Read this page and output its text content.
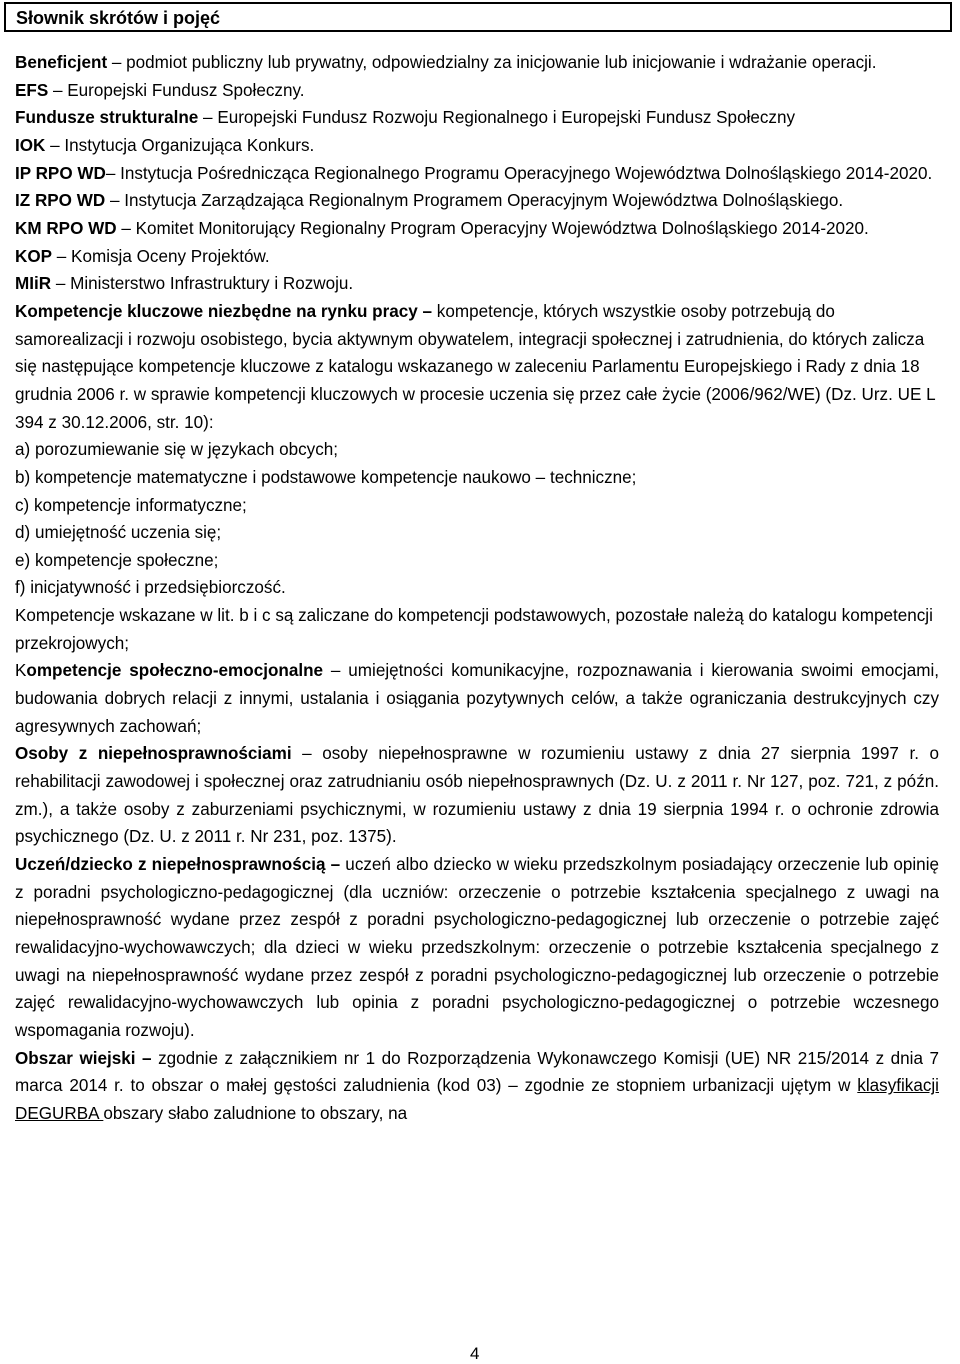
Słownik skrótów i pojęć

Beneficjent – podmiot publiczny lub prywatny, odpowiedzialny za inicjowanie lub inicjowanie i wdrażanie operacji.

EFS – Europejski Fundusz Społeczny.

Fundusze strukturalne – Europejski Fundusz Rozwoju Regionalnego i Europejski Fundusz Społeczny

IOK – Instytucja Organizująca Konkurs.

IP RPO WD– Instytucja Pośrednicząca Regionalnego Programu Operacyjnego Województwa Dolnośląskiego 2014-2020.

IZ RPO WD – Instytucja Zarządzająca Regionalnym Programem Operacyjnym Województwa Dolnośląskiego.

KM RPO WD – Komitet Monitorujący Regionalny Program Operacyjny Województwa Dolnośląskiego 2014-2020.

KOP – Komisja Oceny Projektów.

MIiR – Ministerstwo Infrastruktury i Rozwoju.

Kompetencje kluczowe niezbędne na rynku pracy – kompetencje, których wszystkie osoby potrzebują do samorealizacji i rozwoju osobistego, bycia aktywnym obywatelem, integracji społecznej i zatrudnienia, do których zalicza się następujące kompetencje kluczowe z katalogu wskazanego w zaleceniu Parlamentu Europejskiego i Rady z dnia 18 grudnia 2006 r. w sprawie kompetencji kluczowych w procesie uczenia się przez całe życie (2006/962/WE) (Dz. Urz. UE L 394 z 30.12.2006, str. 10):

a) porozumiewanie się w językach obcych;

b) kompetencje matematyczne i podstawowe kompetencje naukowo – techniczne;

c) kompetencje informatyczne;

d) umiejętność uczenia się;

e) kompetencje społeczne;

f) inicjatywność i przedsiębiorczość.

Kompetencje wskazane w lit. b i c są zaliczane do kompetencji podstawowych, pozostałe należą do katalogu kompetencji przekrojowych;

Kompetencje społeczno-emocjonalne – umiejętności komunikacyjne, rozpoznawania i kierowania swoimi emocjami, budowania dobrych relacji z innymi, ustalania i osiągania pozytywnych celów, a także ograniczania destrukcyjnych czy agresywnych zachowań;

Osoby z niepełnosprawnościami – osoby niepełnosprawne w rozumieniu ustawy z dnia 27 sierpnia 1997 r. o rehabilitacji zawodowej i społecznej oraz zatrudnianiu osób niepełnosprawnych (Dz. U. z 2011 r. Nr 127, poz. 721, z późn. zm.), a także osoby z zaburzeniami psychicznymi, w rozumieniu ustawy z dnia 19 sierpnia 1994 r. o ochronie zdrowia psychicznego (Dz. U. z 2011 r. Nr 231, poz. 1375).

Uczeń/dziecko z niepełnosprawnością – uczeń albo dziecko w wieku przedszkolnym posiadający orzeczenie lub opinię z poradni psychologiczno-pedagogicznej (dla uczniów: orzeczenie o potrzebie kształcenia specjalnego z uwagi na niepełnosprawność wydane przez zespół z poradni psychologiczno-pedagogicznej lub orzeczenie o potrzebie zajęć rewalidacyjno-wychowawczych; dla dzieci w wieku przedszkolnym: orzeczenie o potrzebie kształcenia specjalnego z uwagi na niepełnosprawność wydane przez zespół z poradni psychologiczno-pedagogicznej lub orzeczenie o potrzebie zajęć rewalidacyjno-wychowawczych lub opinia z poradni psychologiczno-pedagogicznej o potrzebie wczesnego wspomagania rozwoju).

Obszar wiejski – zgodnie z załącznikiem nr 1 do Rozporządzenia Wykonawczego Komisji (UE) NR 215/2014 z dnia 7 marca 2014 r. to obszar o małej gęstości zaludnienia (kod 03) – zgodnie ze stopniem urbanizacji ujętym w klasyfikacji DEGURBA obszary słabo zaludnione to obszary, na

4
